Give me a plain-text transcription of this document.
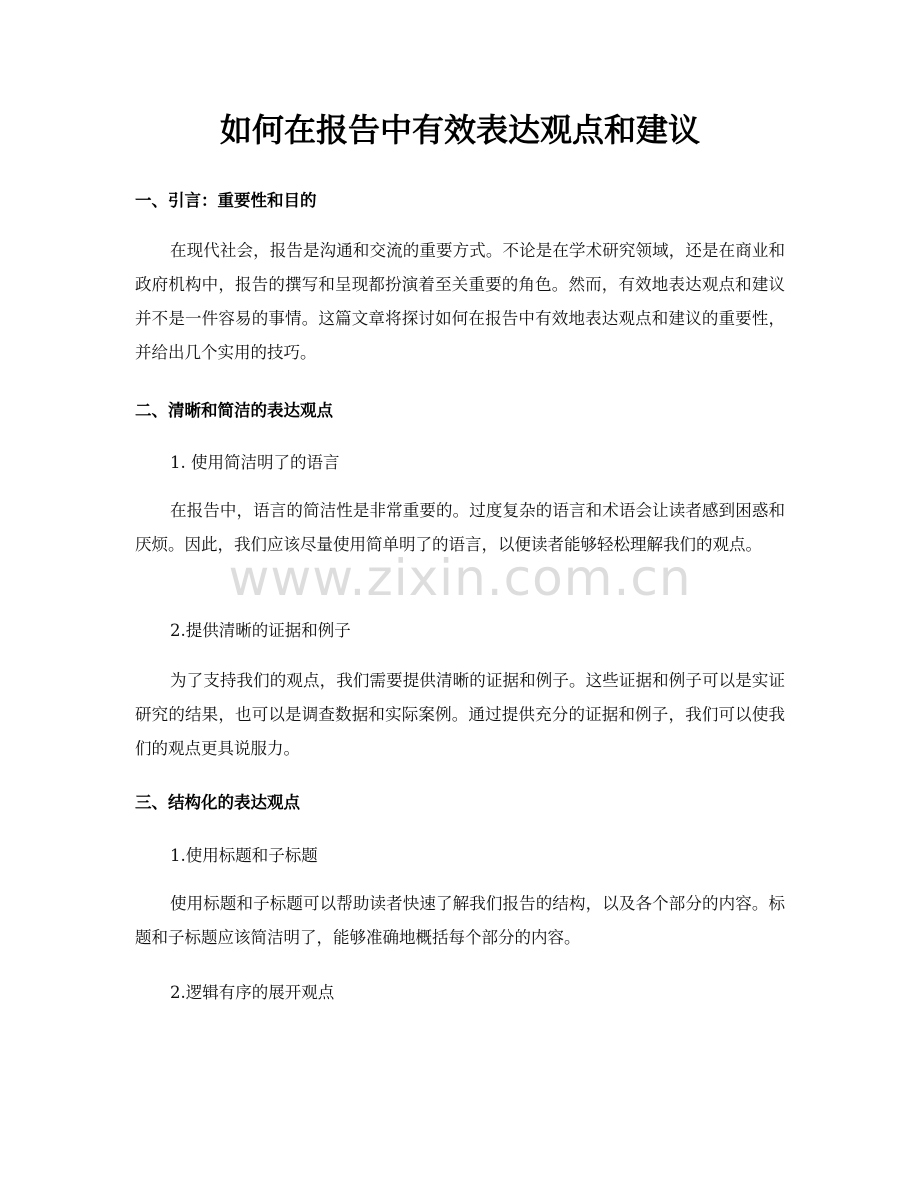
如何在报告中有效表达观点和建议
一、引言：重要性和目的

在现代社会，报告是沟通和交流的重要方式。不论是在学术研究领域，还是在商业和政府机构中，报告的撰写和呈现都扮演着至关重要的角色。然而，有效地表达观点和建议并不是一件容易的事情。这篇文章将探讨如何在报告中有效地表达观点和建议的重要性，并给出几个实用的技巧。

二、清晰和简洁的表达观点
1. 使用简洁明了的语言

在报告中，语言的简洁性是非常重要的。过度复杂的语言和术语会让读者感到困惑和厌烦。因此，我们应该尽量使用简单明了的语言，以便读者能够轻松理解我们的观点。

2.提供清晰的证据和例子

为了支持我们的观点，我们需要提供清晰的证据和例子。这些证据和例子可以是实证研究的结果，也可以是调查数据和实际案例。通过提供充分的证据和例子，我们可以使我们的观点更具说服力。

三、结构化的表达观点
1.使用标题和子标题

使用标题和子标题可以帮助读者快速了解我们报告的结构，以及各个部分的内容。标题和子标题应该简洁明了，能够准确地概括每个部分的内容。

2.逻辑有序的展开观点
www.zixin.com.cn
